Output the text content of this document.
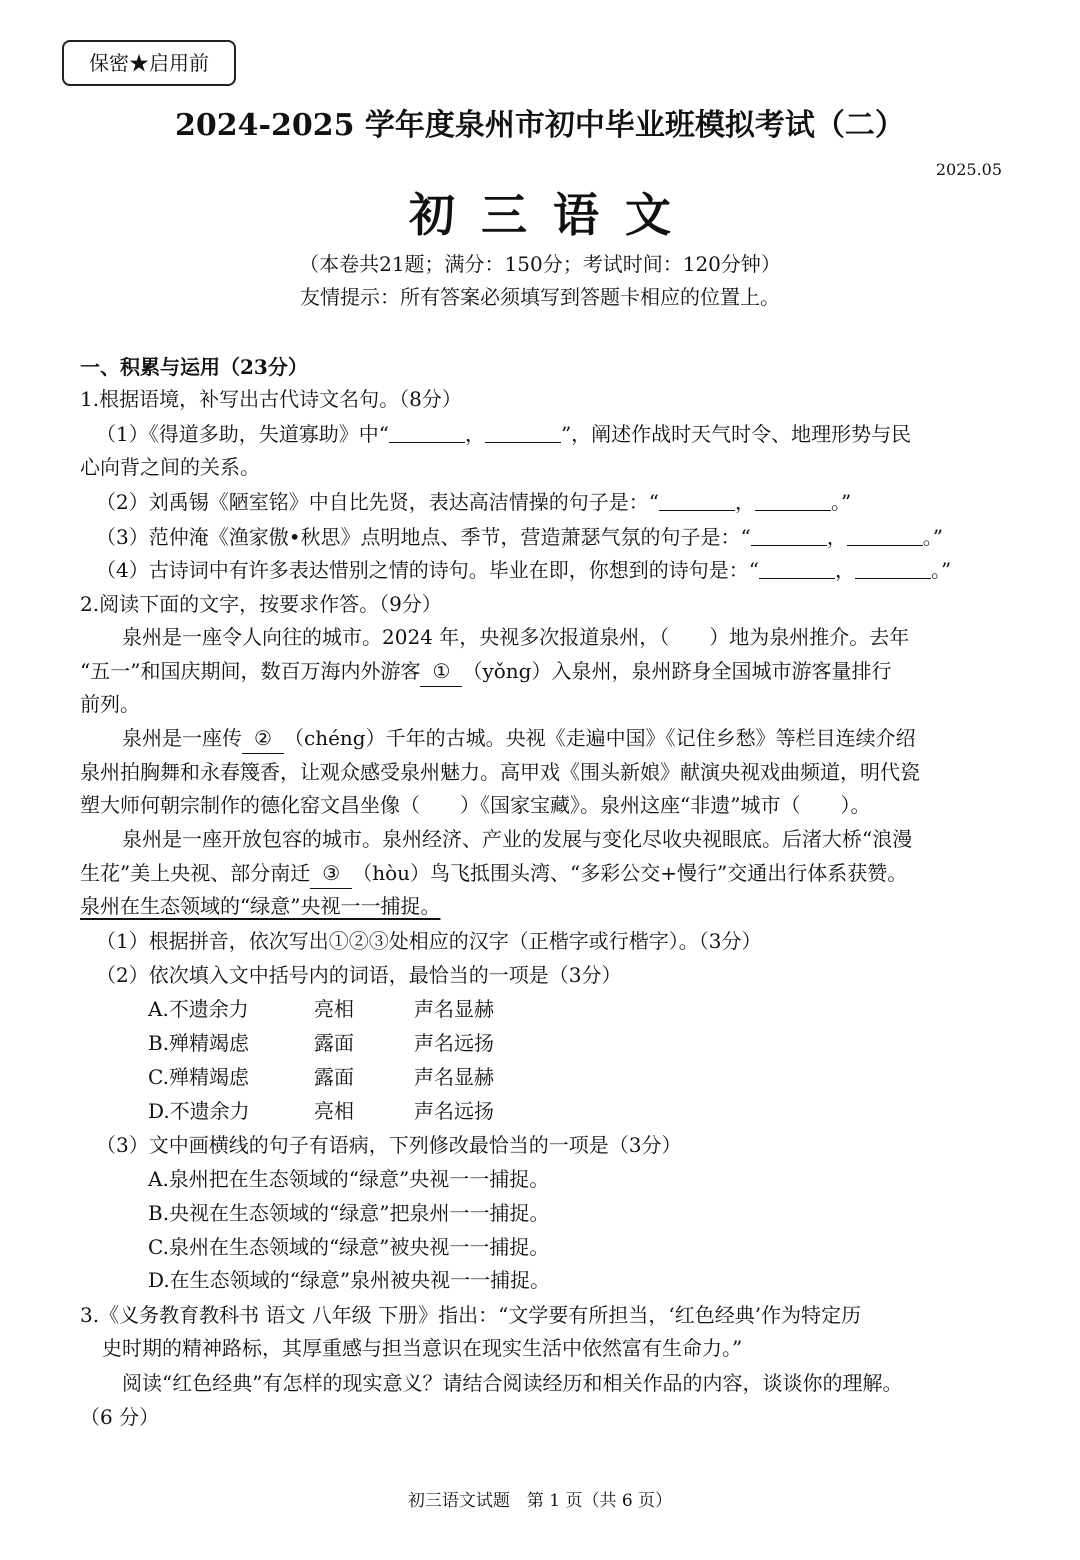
保密★启用前
2024-2025 学年度泉州市初中毕业班模拟考试（二）
2025.05
初三语文
（本卷共21题；满分：150分；考试时间：120分钟）
友情提示：所有答案必须填写到答题卡相应的位置上。
一、积累与运用（23分）
1.根据语境，补写出古代诗文名句。（8分）
（1）《得道多助，失道寡助》中“	，	”，阐述作战时天气时令、地理形势与民
心向背之间的关系。
（2）刘禹锡《陋室铭》中自比先贤，表达高洁情操的句子是：“	，	。”
（3）范仲淹《渔家傲•秋思》点明地点、季节，营造萧瑟气氛的句子是：“	，	。”
（4）古诗词中有许多表达惜别之情的诗句。毕业在即，你想到的诗句是：“	，	。”
2.阅读下面的文字，按要求作答。（9分）
泉州是一座令人向往的城市。2024 年，央视多次报道泉州，（　　）地为泉州推介。去年
“五一”和国庆期间，数百万海内外游客 ① （yǒng）入泉州，泉州跻身全国城市游客量排行
前列。
泉州是一座传 ② （chéng）千年的古城。央视《走遍中国》《记住乡愁》等栏目连续介绍
泉州拍胸舞和永春篾香，让观众感受泉州魅力。高甲戏《围头新娘》献演央视戏曲频道，明代瓷
塑大师何朝宗制作的德化窑文昌坐像（　　）《国家宝藏》。泉州这座“非遗”城市（　　）。
泉州是一座开放包容的城市。泉州经济、产业的发展与变化尽收央视眼底。后渚大桥“浪漫
生花”美上央视、部分南迁 ③ （hòu）鸟飞抵围头湾、“多彩公交+慢行”交通出行体系获赞。
泉州在生态领域的“绿意”央视一一捕捉。
（1）根据拼音，依次写出①②③处相应的汉字（正楷字或行楷字）。（3分）
（2）依次填入文中括号内的词语，最恰当的一项是（3分）
A.不遗余力	亮相	声名显赫
B.殚精竭虑	露面	声名远扬
C.殚精竭虑	露面	声名显赫
D.不遗余力	亮相	声名远扬
（3）文中画横线的句子有语病，下列修改最恰当的一项是（3分）
A.泉州把在生态领域的“绿意”央视一一捕捉。
B.央视在生态领域的“绿意”把泉州一一捕捉。
C.泉州在生态领域的“绿意”被央视一一捕捉。
D.在生态领域的“绿意”泉州被央视一一捕捉。
3.《义务教育教科书 语文 八年级 下册》指出：“文学要有所担当，‘红色经典’作为特定历
史时期的精神路标，其厚重感与担当意识在现实生活中依然富有生命力。”
阅读“红色经典”有怎样的现实意义？请结合阅读经历和相关作品的内容，谈谈你的理解。
（6 分）
初三语文试题　第 1 页（共 6 页）
